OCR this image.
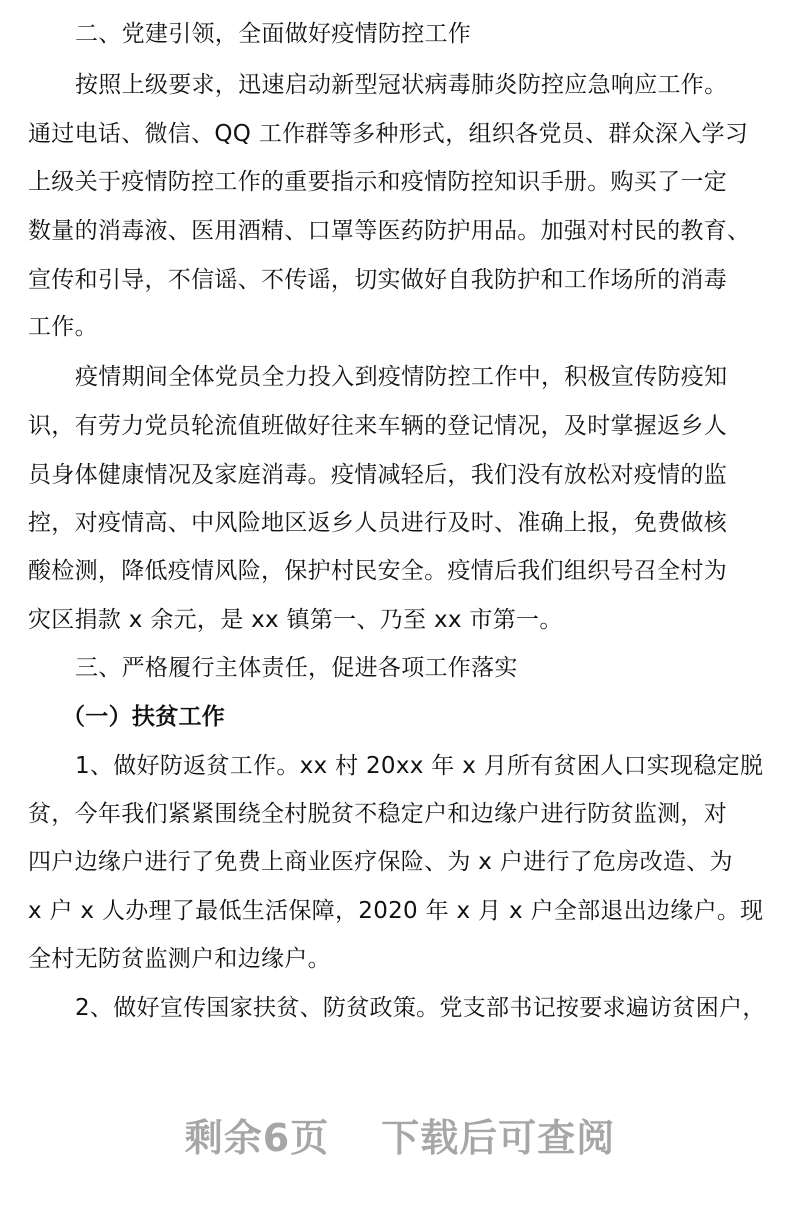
二、党建引领，全面做好疫情防控工作
按照上级要求，迅速启动新型冠状病毒肺炎防控应急响应工作。
通过电话、微信、QQ 工作群等多种形式，组织各党员、群众深入学习
上级关于疫情防控工作的重要指示和疫情防控知识手册。购买了一定
数量的消毒液、医用酒精、口罩等医药防护用品。加强对村民的教育、
宣传和引导，不信谣、不传谣，切实做好自我防护和工作场所的消毒
工作。
疫情期间全体党员全力投入到疫情防控工作中，积极宣传防疫知
识，有劳力党员轮流值班做好往来车辆的登记情况，及时掌握返乡人
员身体健康情况及家庭消毒。疫情减轻后，我们没有放松对疫情的监
控，对疫情高、中风险地区返乡人员进行及时、准确上报，免费做核
酸检测，降低疫情风险，保护村民安全。疫情后我们组织号召全村为
灾区捐款 x 余元，是 xx 镇第一、乃至 xx 市第一。
三、严格履行主体责任，促进各项工作落实
（一）扶贫工作
1、做好防返贫工作。xx 村 20xx 年 x 月所有贫困人口实现稳定脱
贫，今年我们紧紧围绕全村脱贫不稳定户和边缘户进行防贫监测，对
四户边缘户进行了免费上商业医疗保险、为 x 户进行了危房改造、为
x 户 x 人办理了最低生活保障，2020 年 x 月 x 户全部退出边缘户。现
全村无防贫监测户和边缘户。
2、做好宣传国家扶贫、防贫政策。党支部书记按要求遍访贫困户，
剩余6页 下载后可查阅
